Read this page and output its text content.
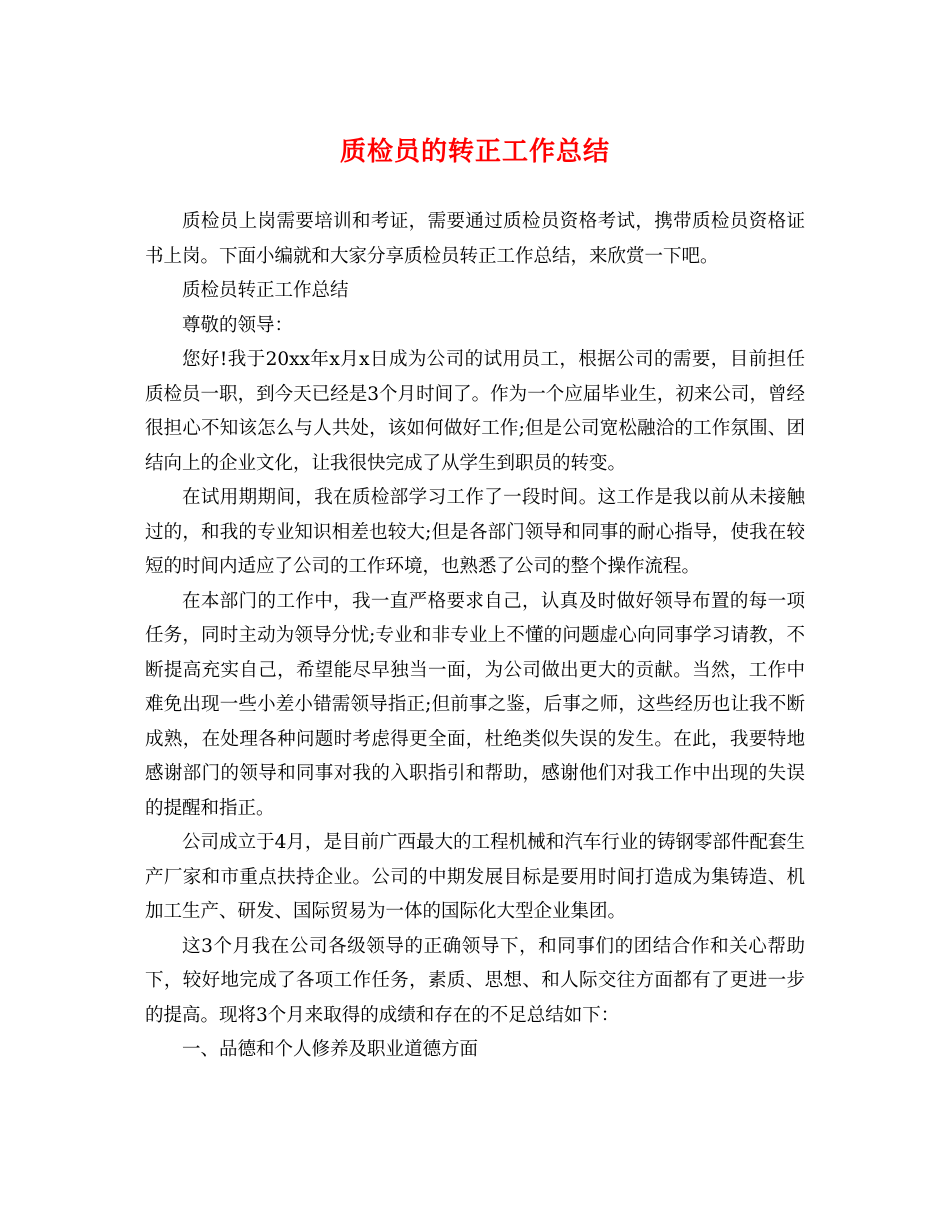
质检员的转正工作总结

质检员上岗需要培训和考证，需要通过质检员资格考试，携带质检员资格证书上岗。下面小编就和大家分享质检员转正工作总结，来欣赏一下吧。

质检员转正工作总结

尊敬的领导：

您好!我于20xx年x月x日成为公司的试用员工，根据公司的需要，目前担任质检员一职，到今天已经是3个月时间了。作为一个应届毕业生，初来公司，曾经很担心不知该怎么与人共处，该如何做好工作;但是公司宽松融洽的工作氛围、团结向上的企业文化，让我很快完成了从学生到职员的转变。

在试用期期间，我在质检部学习工作了一段时间。这工作是我以前从未接触过的，和我的专业知识相差也较大;但是各部门领导和同事的耐心指导，使我在较短的时间内适应了公司的工作环境，也熟悉了公司的整个操作流程。

在本部门的工作中，我一直严格要求自己，认真及时做好领导布置的每一项任务，同时主动为领导分忧;专业和非专业上不懂的问题虚心向同事学习请教，不断提高充实自己，希望能尽早独当一面，为公司做出更大的贡献。当然，工作中难免出现一些小差小错需领导指正;但前事之鉴，后事之师，这些经历也让我不断成熟，在处理各种问题时考虑得更全面，杜绝类似失误的发生。在此，我要特地感谢部门的领导和同事对我的入职指引和帮助，感谢他们对我工作中出现的失误的提醒和指正。

公司成立于4月，是目前广西最大的工程机械和汽车行业的铸钢零部件配套生产厂家和市重点扶持企业。公司的中期发展目标是要用时间打造成为集铸造、机加工生产、研发、国际贸易为一体的国际化大型企业集团。

这3个月我在公司各级领导的正确领导下，和同事们的团结合作和关心帮助下，较好地完成了各项工作任务，素质、思想、和人际交往方面都有了更进一步的提高。现将3个月来取得的成绩和存在的不足总结如下：

一、品德和个人修养及职业道德方面
